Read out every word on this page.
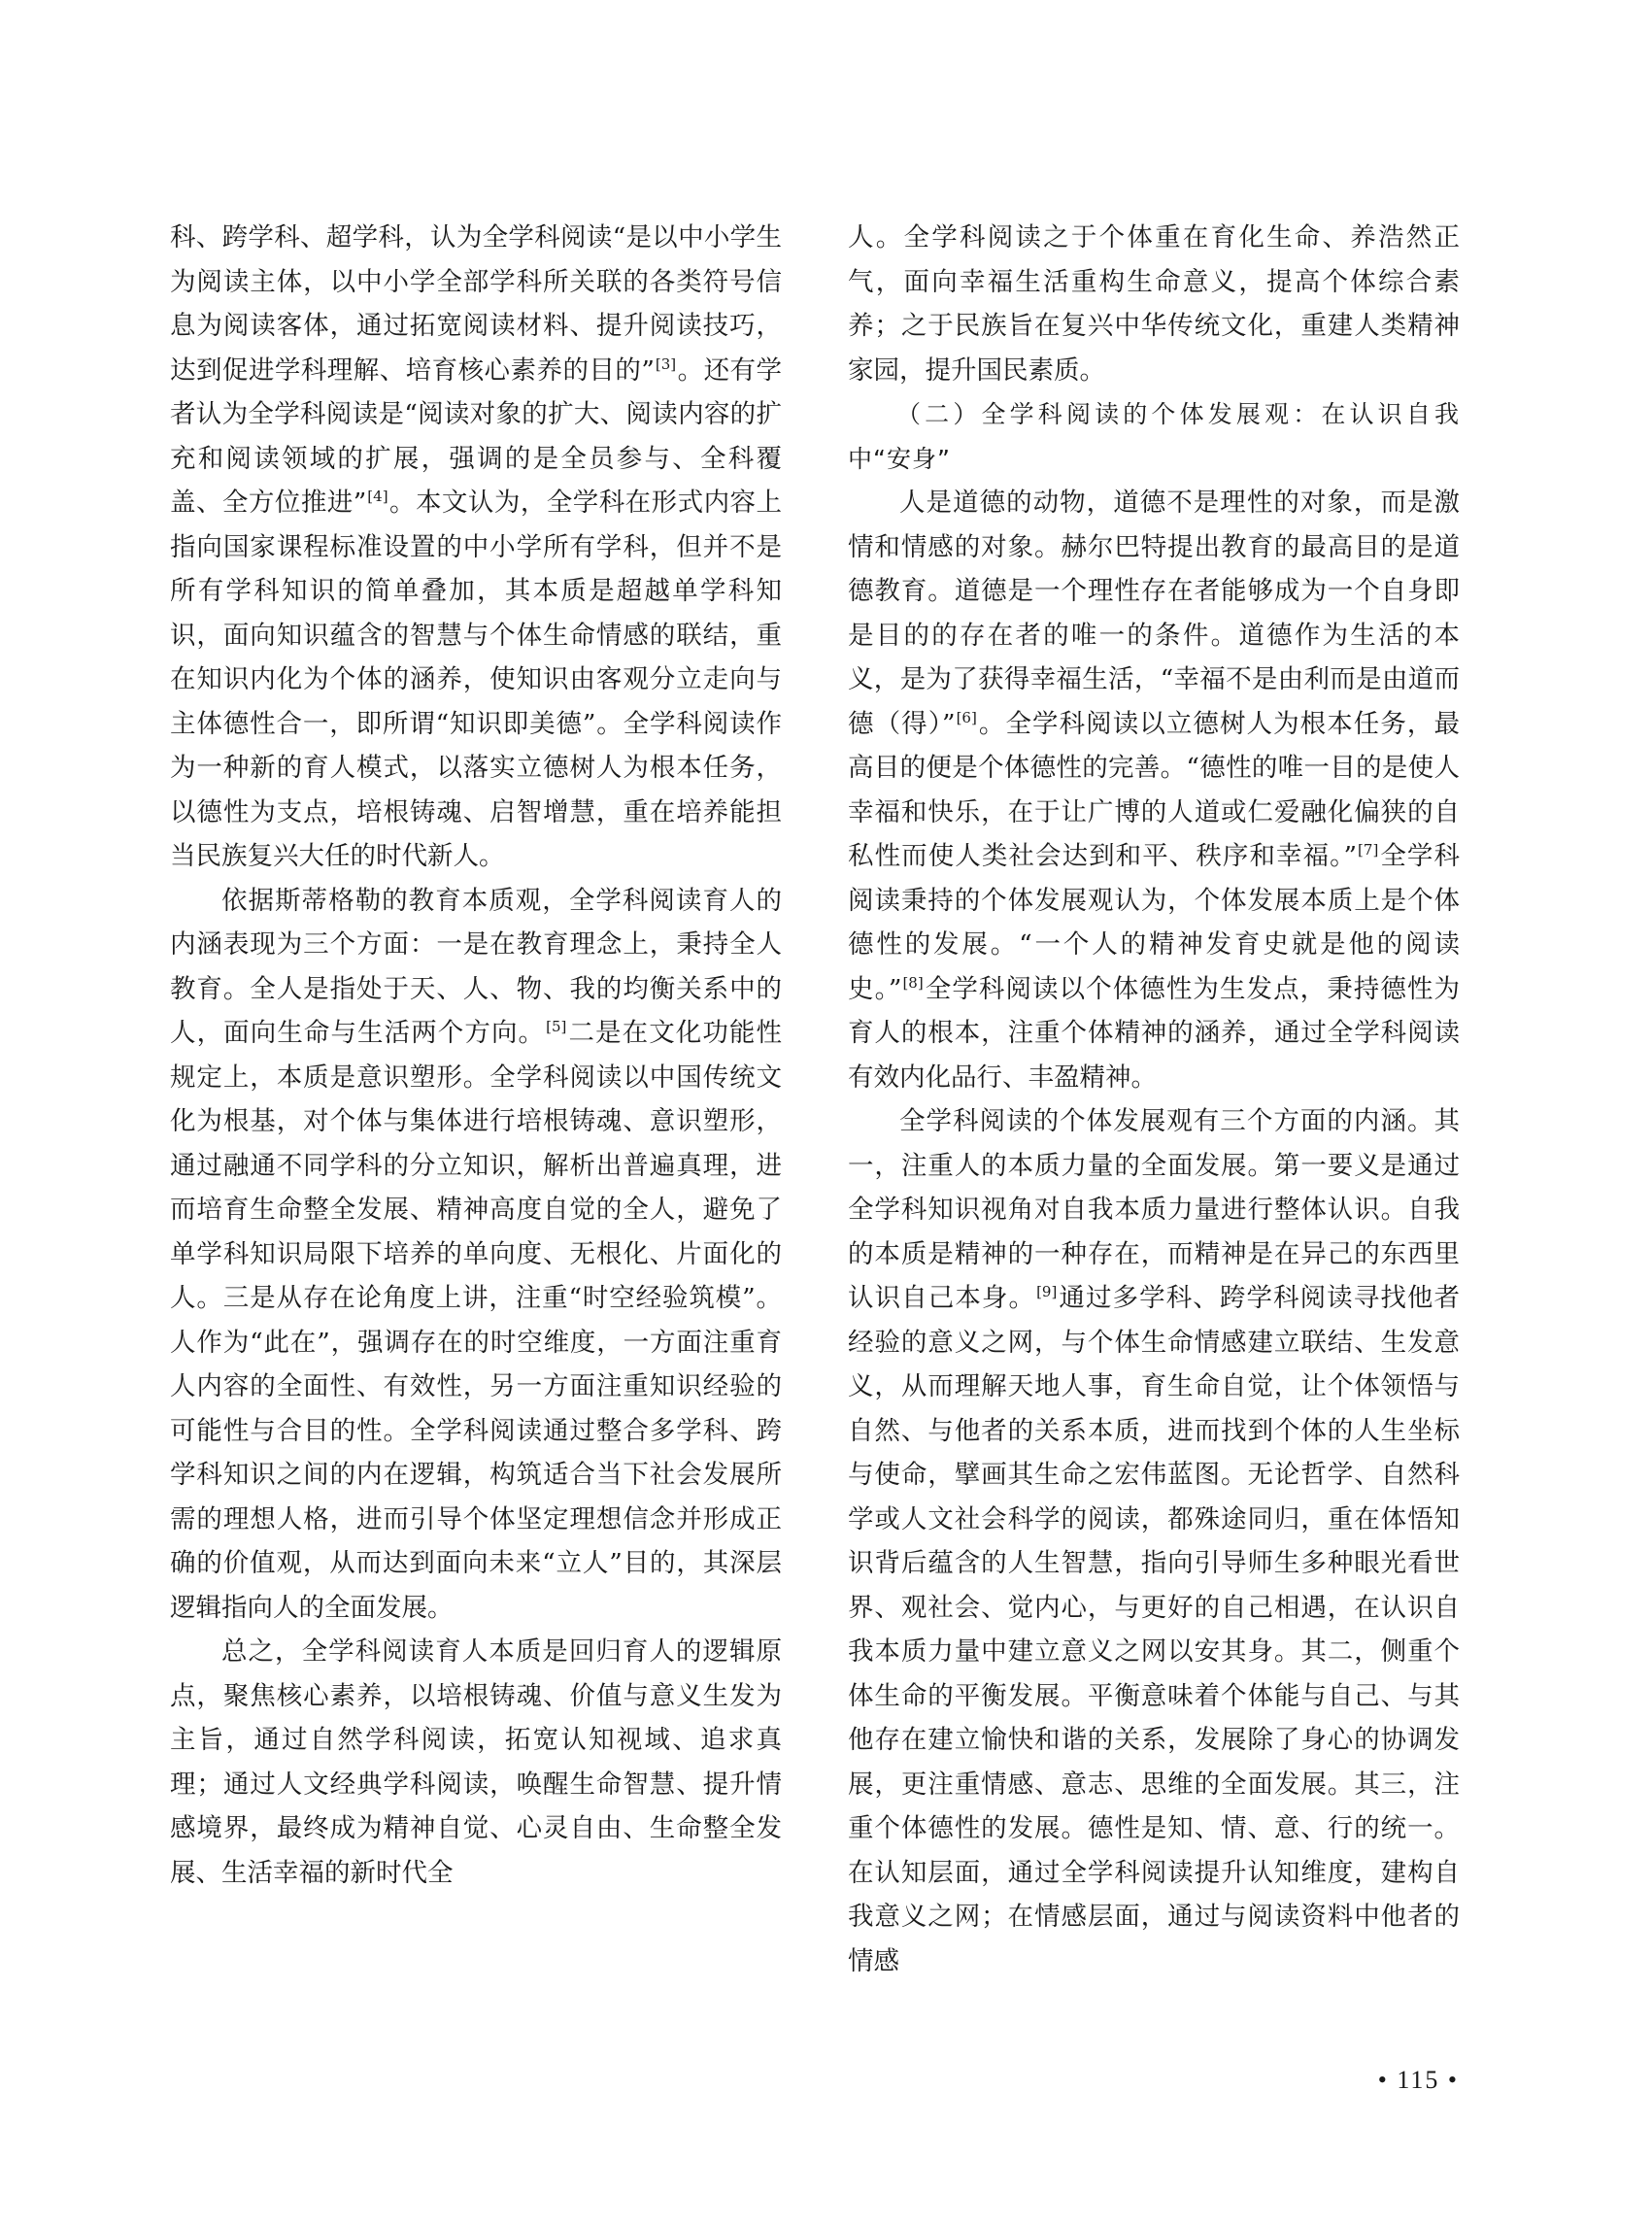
科、跨学科、超学科，认为全学科阅读“是以中小学生为阅读主体，以中小学全部学科所关联的各类符号信息为阅读客体，通过拓宽阅读材料、提升阅读技巧，达到促进学科理解、培育核心素养的目的”[3]。还有学者认为全学科阅读是“阅读对象的扩大、阅读内容的扩充和阅读领域的扩展，强调的是全员参与、全科覆盖、全方位推进”[4]。本文认为，全学科在形式内容上指向国家课程标准设置的中小学所有学科，但并不是所有学科知识的简单叠加，其本质是超越单学科知识，面向知识蕴含的智慧与个体生命情感的联结，重在知识内化为个体的涵养，使知识由客观分立走向与主体德性合一，即所谓“知识即美德”。全学科阅读作为一种新的育人模式，以落实立德树人为根本任务，以德性为支点，培根铸魂、启智增慧，重在培养能担当民族复兴大任的时代新人。

依据斯蒂格勒的教育本质观，全学科阅读育人的内涵表现为三个方面：一是在教育理念上，秉持全人教育。全人是指处于天、人、物、我的均衡关系中的人，面向生命与生活两个方向。[5]二是在文化功能性规定上，本质是意识塑形。全学科阅读以中国传统文化为根基，对个体与集体进行培根铸魂、意识塑形，通过融通不同学科的分立知识，解析出普遍真理，进而培育生命整全发展、精神高度自觉的全人，避免了单学科知识局限下培养的单向度、无根化、片面化的人。三是从存在论角度上讲，注重“时空经验筑模”。人作为“此在”，强调存在的时空维度，一方面注重育人内容的全面性、有效性，另一方面注重知识经验的可能性与合目的性。全学科阅读通过整合多学科、跨学科知识之间的内在逻辑，构筑适合当下社会发展所需的理想人格，进而引导个体坚定理想信念并形成正确的价值观，从而达到面向未来“立人”目的，其深层逻辑指向人的全面发展。

总之，全学科阅读育人本质是回归育人的逻辑原点，聚焦核心素养，以培根铸魂、价值与意义生发为主旨，通过自然学科阅读，拓宽认知视域、追求真理；通过人文经典学科阅读，唤醒生命智慧、提升情感境界，最终成为精神自觉、心灵自由、生命整全发展、生活幸福的新时代全

人。全学科阅读之于个体重在育化生命、养浩然正气，面向幸福生活重构生命意义，提高个体综合素养；之于民族旨在复兴中华传统文化，重建人类精神家园，提升国民素质。

（二）全学科阅读的个体发展观：在认识自我中“安身”

人是道德的动物，道德不是理性的对象，而是激情和情感的对象。赫尔巴特提出教育的最高目的是道德教育。道德是一个理性存在者能够成为一个自身即是目的的存在者的唯一的条件。道德作为生活的本义，是为了获得幸福生活，“幸福不是由利而是由道而德（得）”[6]。全学科阅读以立德树人为根本任务，最高目的便是个体德性的完善。“德性的唯一目的是使人幸福和快乐，在于让广博的人道或仁爱融化偏狭的自私性而使人类社会达到和平、秩序和幸福。”[7]全学科阅读秉持的个体发展观认为，个体发展本质上是个体德性的发展。“一个人的精神发育史就是他的阅读史。”[8]全学科阅读以个体德性为生发点，秉持德性为育人的根本，注重个体精神的涵养，通过全学科阅读有效内化品行、丰盈精神。

全学科阅读的个体发展观有三个方面的内涵。其一，注重人的本质力量的全面发展。第一要义是通过全学科知识视角对自我本质力量进行整体认识。自我的本质是精神的一种存在，而精神是在异己的东西里认识自己本身。[9]通过多学科、跨学科阅读寻找他者经验的意义之网，与个体生命情感建立联结、生发意义，从而理解天地人事，育生命自觉，让个体领悟与自然、与他者的关系本质，进而找到个体的人生坐标与使命，擘画其生命之宏伟蓝图。无论哲学、自然科学或人文社会科学的阅读，都殊途同归，重在体悟知识背后蕴含的人生智慧，指向引导师生多种眼光看世界、观社会、觉内心，与更好的自己相遇，在认识自我本质力量中建立意义之网以安其身。其二，侧重个体生命的平衡发展。平衡意味着个体能与自己、与其他存在建立愉快和谐的关系，发展除了身心的协调发展，更注重情感、意志、思维的全面发展。其三，注重个体德性的发展。德性是知、情、意、行的统一。在认知层面，通过全学科阅读提升认知维度，建构自我意义之网；在情感层面，通过与阅读资料中他者的情感

• 115 •
